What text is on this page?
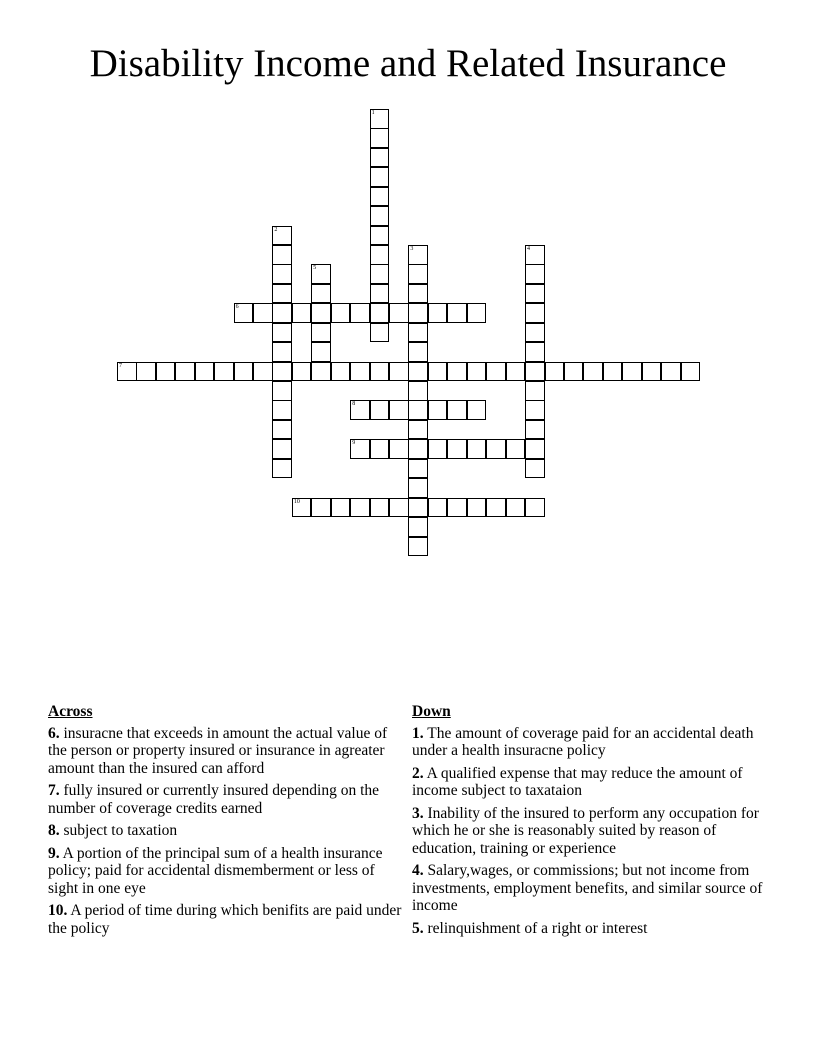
Disability Income and Related Insurance
1
2
3	4
5
6
7
8
9
10
Across
6. insuracne that exceeds in amount the actual value of the person or property insured or insurance in agreater amount than the insured can afford
7. fully insured or currently insured depending on the number of coverage credits earned
8. subject to taxation
9. A portion of the principal sum of a health insurance policy; paid for accidental dismemberment or less of sight in one eye
10. A period of time during which benifits are paid under the policy
Down
1. The amount of coverage paid for an accidental death under a health insuracne policy
2. A qualified expense that may reduce the amount of income subject to taxataion
3. Inability of the insured to perform any occupation for which he or she is reasonably suited by reason of education, training or experience
4. Salary,wages, or commissions; but not income from investments, employment benefits, and similar source of income
5. relinquishment of a right or interest
